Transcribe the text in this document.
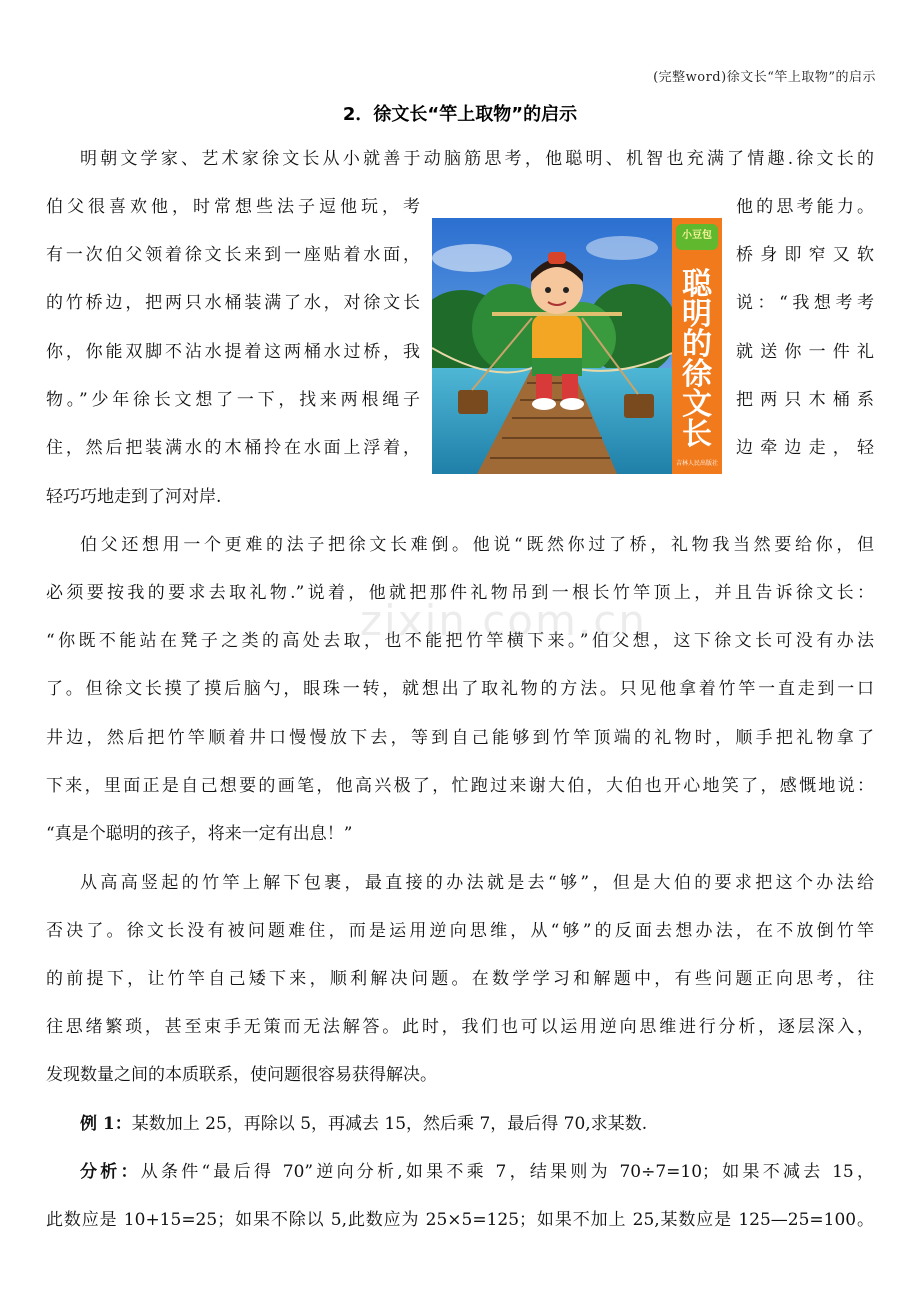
(完整word)徐文长“竿上取物”的启示
2．徐文长“竿上取物”的启示
明朝文学家、艺术家徐文长从小就善于动脑筋思考，他聪明、机智也充满了情趣.徐文长的
伯父很喜欢他，时常想些法子逗他玩，考	他的思考能力。
有一次伯父领着徐文长来到一座贴着水面，	桥身即窄又软
的竹桥边，把两只水桶装满了水，对徐文长	说：“我想考考
你，你能双脚不沾水提着这两桶水过桥，我	就送你一件礼
物。”少年徐长文想了一下，找来两根绳子	把两只木桶系
住，然后把装满水的木桶拎在水面上浮着，	边牵边走，轻
轻巧巧地走到了河对岸.
小豆包
聪明的徐文长
吉林人民出版社
伯父还想用一个更难的法子把徐文长难倒。他说“既然你过了桥，礼物我当然要给你，但
必须要按我的要求去取礼物.”说着，他就把那件礼物吊到一根长竹竿顶上，并且告诉徐文长：
“你既不能站在凳子之类的高处去取，也不能把竹竿横下来。”伯父想，这下徐文长可没有办法
了。但徐文长摸了摸后脑勺，眼珠一转，就想出了取礼物的方法。只见他拿着竹竿一直走到一口
井边，然后把竹竿顺着井口慢慢放下去，等到自己能够到竹竿顶端的礼物时，顺手把礼物拿了
下来，里面正是自己想要的画笔，他高兴极了，忙跑过来谢大伯，大伯也开心地笑了，感慨地说：
“真是个聪明的孩子，将来一定有出息！”
zixin.com.cn
从高高竖起的竹竿上解下包裹，最直接的办法就是去“够”，但是大伯的要求把这个办法给
否决了。徐文长没有被问题难住，而是运用逆向思维，从“够”的反面去想办法，在不放倒竹竿
的前提下，让竹竿自己矮下来，顺利解决问题。在数学学习和解题中，有些问题正向思考，往
往思绪繁琐，甚至束手无策而无法解答。此时，我们也可以运用逆向思维进行分析，逐层深入，
发现数量之间的本质联系，使问题很容易获得解决。
例 1：某数加上 25，再除以 5，再减去 15，然后乘 7，最后得 70,求某数.
分析：从条件“最后得 70”逆向分析,如果不乘 7，结果则为 70÷7=10；如果不减去 15，
此数应是 10+15=25；如果不除以 5,此数应为 25×5=125；如果不加上 25,某数应是 125—25=100。
